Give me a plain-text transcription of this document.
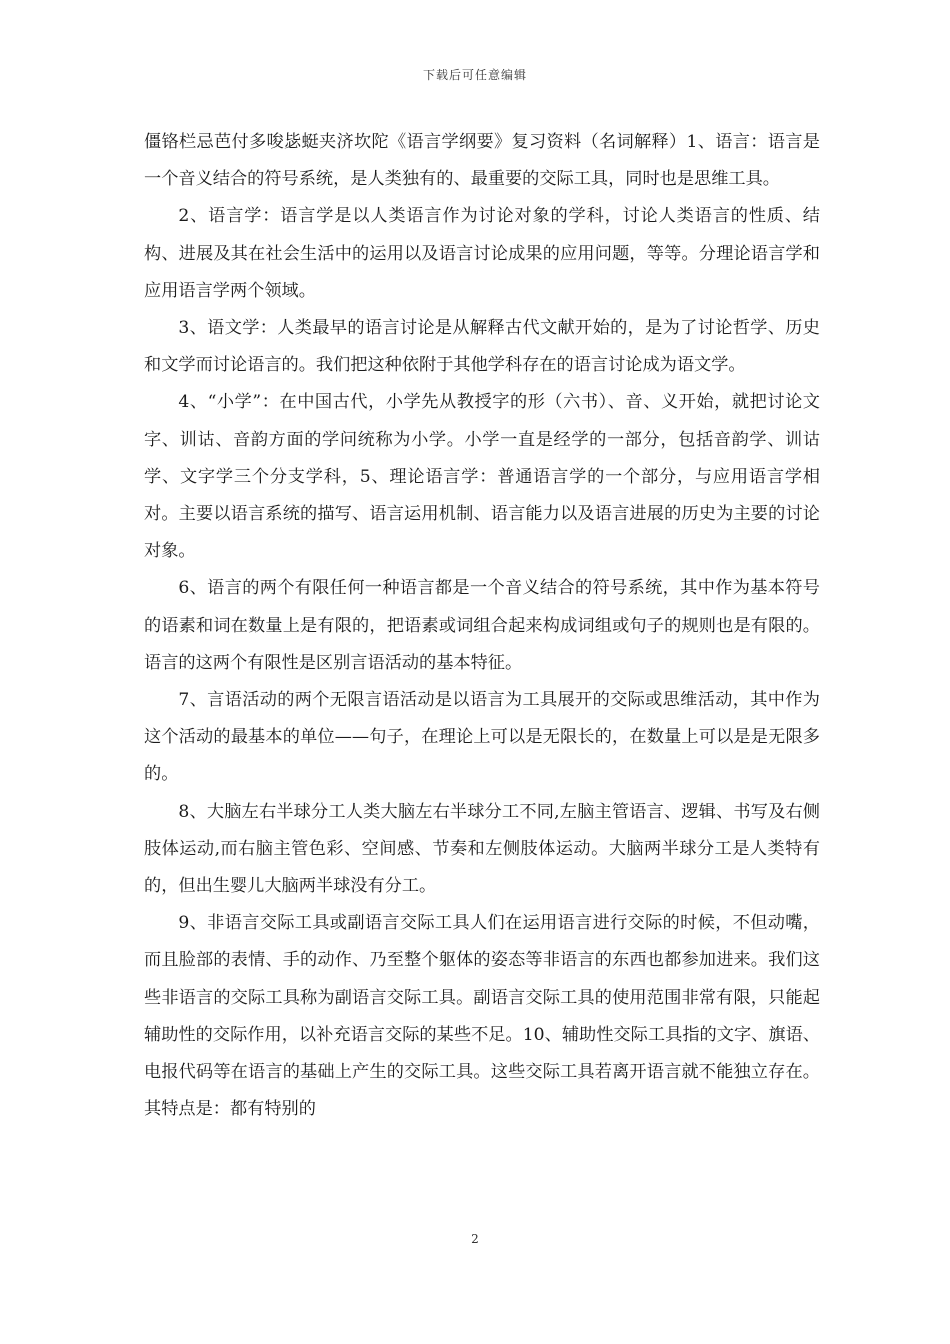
下载后可任意编辑

僵铬栏忌芭付多唆毖蜓夹济坎陀《语言学纲要》复习资料（名词解释）1、语言：语言是一个音义结合的符号系统，是人类独有的、最重要的交际工具，同时也是思维工具。

2、语言学：语言学是以人类语言作为讨论对象的学科，讨论人类语言的性质、结构、进展及其在社会生活中的运用以及语言讨论成果的应用问题，等等。分理论语言学和应用语言学两个领域。

3、语文学：人类最早的语言讨论是从解释古代文献开始的，是为了讨论哲学、历史和文学而讨论语言的。我们把这种依附于其他学科存在的语言讨论成为语文学。

4、“小学”：在中国古代，小学先从教授字的形（六书）、音、义开始，就把讨论文字、训诂、音韵方面的学问统称为小学。小学一直是经学的一部分，包括音韵学、训诂学、文字学三个分支学科，5、理论语言学：普通语言学的一个部分，与应用语言学相对。主要以语言系统的描写、语言运用机制、语言能力以及语言进展的历史为主要的讨论对象。

6、语言的两个有限任何一种语言都是一个音义结合的符号系统，其中作为基本符号的语素和词在数量上是有限的，把语素或词组合起来构成词组或句子的规则也是有限的。语言的这两个有限性是区别言语活动的基本特征。

7、言语活动的两个无限言语活动是以语言为工具展开的交际或思维活动，其中作为这个活动的最基本的单位——句子，在理论上可以是无限长的，在数量上可以是是无限多的。

8、大脑左右半球分工人类大脑左右半球分工不同,左脑主管语言、逻辑、书写及右侧肢体运动,而右脑主管色彩、空间感、节奏和左侧肢体运动。大脑两半球分工是人类特有的，但出生婴儿大脑两半球没有分工。

9、非语言交际工具或副语言交际工具人们在运用语言进行交际的时候，不但动嘴，而且脸部的表情、手的动作、乃至整个躯体的姿态等非语言的东西也都参加进来。我们这些非语言的交际工具称为副语言交际工具。副语言交际工具的使用范围非常有限，只能起辅助性的交际作用，以补充语言交际的某些不足。10、辅助性交际工具指的文字、旗语、电报代码等在语言的基础上产生的交际工具。这些交际工具若离开语言就不能独立存在。其特点是：都有特别的

2
